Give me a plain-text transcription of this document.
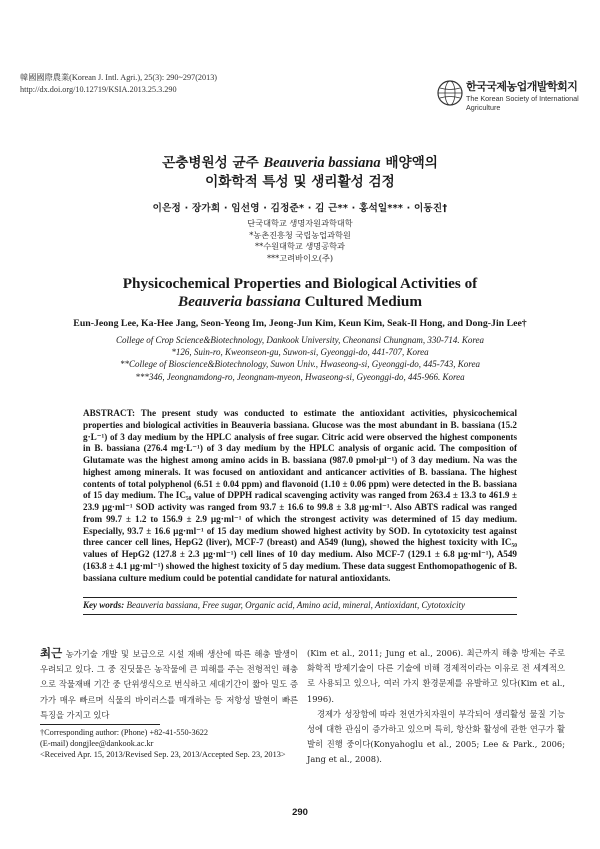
韓國國際農業(Korean J. Intl. Agri.), 25(3): 290~297(2013)
http://dx.doi.org/10.12719/KSIA.2013.25.3.290	한국국제농업개발학회지
The Korean Society of International Agriculture
곤충병원성 균주 Beauveria bassiana 배양액의
이화학적 특성 및 생리활성 검정
이은정 · 장가희 · 임선영 · 김정준* · 김 근** · 홍석일*** · 이동진†
단국대학교 생명자원과학대학
*농촌진흥청 국립농업과학원
**수원대학교 생명공학과
***고려바이오(주)
Physicochemical Properties and Biological Activities of
Beauveria bassiana Cultured Medium
Eun-Jeong Lee, Ka-Hee Jang, Seon-Yeong Im, Jeong-Jun Kim, Keun Kim, Seak-Il Hong, and Dong-Jin Lee†
College of Crop Science&Biotechnology, Dankook University, Cheonansi Chungnam, 330-714. Korea
*126, Suin-ro, Kweonseon-gu, Suwon-si, Gyeonggi-do, 441-707, Korea
**College of Bioscience&Biotechnology, Suwon Univ., Hwaseong-si, Gyeonggi-do, 445-743, Korea
***346, Jeongnamdong-ro, Jeongnam-myeon, Hwaseong-si, Gyeonggi-do, 445-966. Korea
ABSTRACT: The present study was conducted to estimate the antioxidant activities, physicochemical properties and biological activities in Beauveria bassiana. Glucose was the most abundant in B. bassiana (15.2 g·L⁻¹) of 3 day medium by the HPLC analysis of free sugar. Citric acid were observed the highest components in B. bassiana (276.4 mg·L⁻¹) of 3 day medium by the HPLC analysis of organic acid. The composition of Glutamate was the highest among amino acids in B. bassiana (987.0 pmol·µl⁻¹) of 3 day medium. Na was the highest among minerals. It was focused on antioxidant and anticancer activities of B. bassiana. The highest contents of total polyphenol (6.51 ± 0.04 ppm) and flavonoid (1.10 ± 0.06 ppm) were detected in the B. bassiana of 15 day medium. The IC₅₀ value of DPPH radical scavenging activity was ranged from 263.4 ± 13.3 to 461.9 ± 23.9 µg·ml⁻¹ SOD activity was ranged from 93.7 ± 16.6 to 99.8 ± 3.8 µg·ml⁻¹. Also ABTS radical was ranged from 99.7 ± 1.2 to 156.9 ± 2.9 µg·ml⁻¹ of which the strongest activity was determined of 15 day medium. Especially, 93.7 ± 16.6 µg·ml⁻¹ of 15 day medium showed highest activity by SOD. In cytotoxicity test against three cancer cell lines, HepG2 (liver), MCF-7 (breast) and A549 (lung), showed the highest toxicity with IC₅₀ values of HepG2 (127.8 ± 2.3 µg·ml⁻¹) cell lines of 10 day medium. Also MCF-7 (129.1 ± 6.8 µg·ml⁻¹), A549 (163.8 ± 4.1 µg·ml⁻¹) showed the highest toxicity of 5 day medium. These data suggest Enthomopathogenic of B. bassiana culture medium could be potential candidate for natural antioxidants.
Key words: Beauveria bassiana, Free sugar, Organic acid, Amino acid, mineral, Antioxidant, Cytotoxicity
최근 농가기술 개발 및 보급으로 시설 재배 생산에 따른 해충 발생이 우려되고 있다. 그 중 진딧물은 농작물에 큰 피해를 주는 전형적인 해충으로 작물재배 기간 중 단위생식으로 번식하고 세대기간이 짧아 밀도 증가가 매우 빠르며 식물의 바이러스를 매개하는 등 저항성 발현이 빠른 특징을 가지고 있다
(Kim et al., 2011; Jung et al., 2006). 최근까지 해충 방제는 주로 화학적 방제기술이 다른 기술에 비해 경제적이라는 이유로 전 세계적으로 사용되고 있으나, 여러 가지 환경문제를 유발하고 있다(Kim et al., 1996).
경제가 성장함에 따라 천연가치자원이 부각되어 생리활성 물질 기능성에 대한 관심이 증가하고 있으며 특히, 항산화 활성에 관한 연구가 활발히 진행 중이다(Konyahoglu et al., 2005; Lee & Park., 2006; Jang et al., 2008).
†Corresponding author: (Phone) +82-41-550-3622
(E-mail) dongjlee@dankook.ac.kr
<Received Apr. 15, 2013/Revised Sep. 23, 2013/Accepted Sep. 23, 2013>
290
